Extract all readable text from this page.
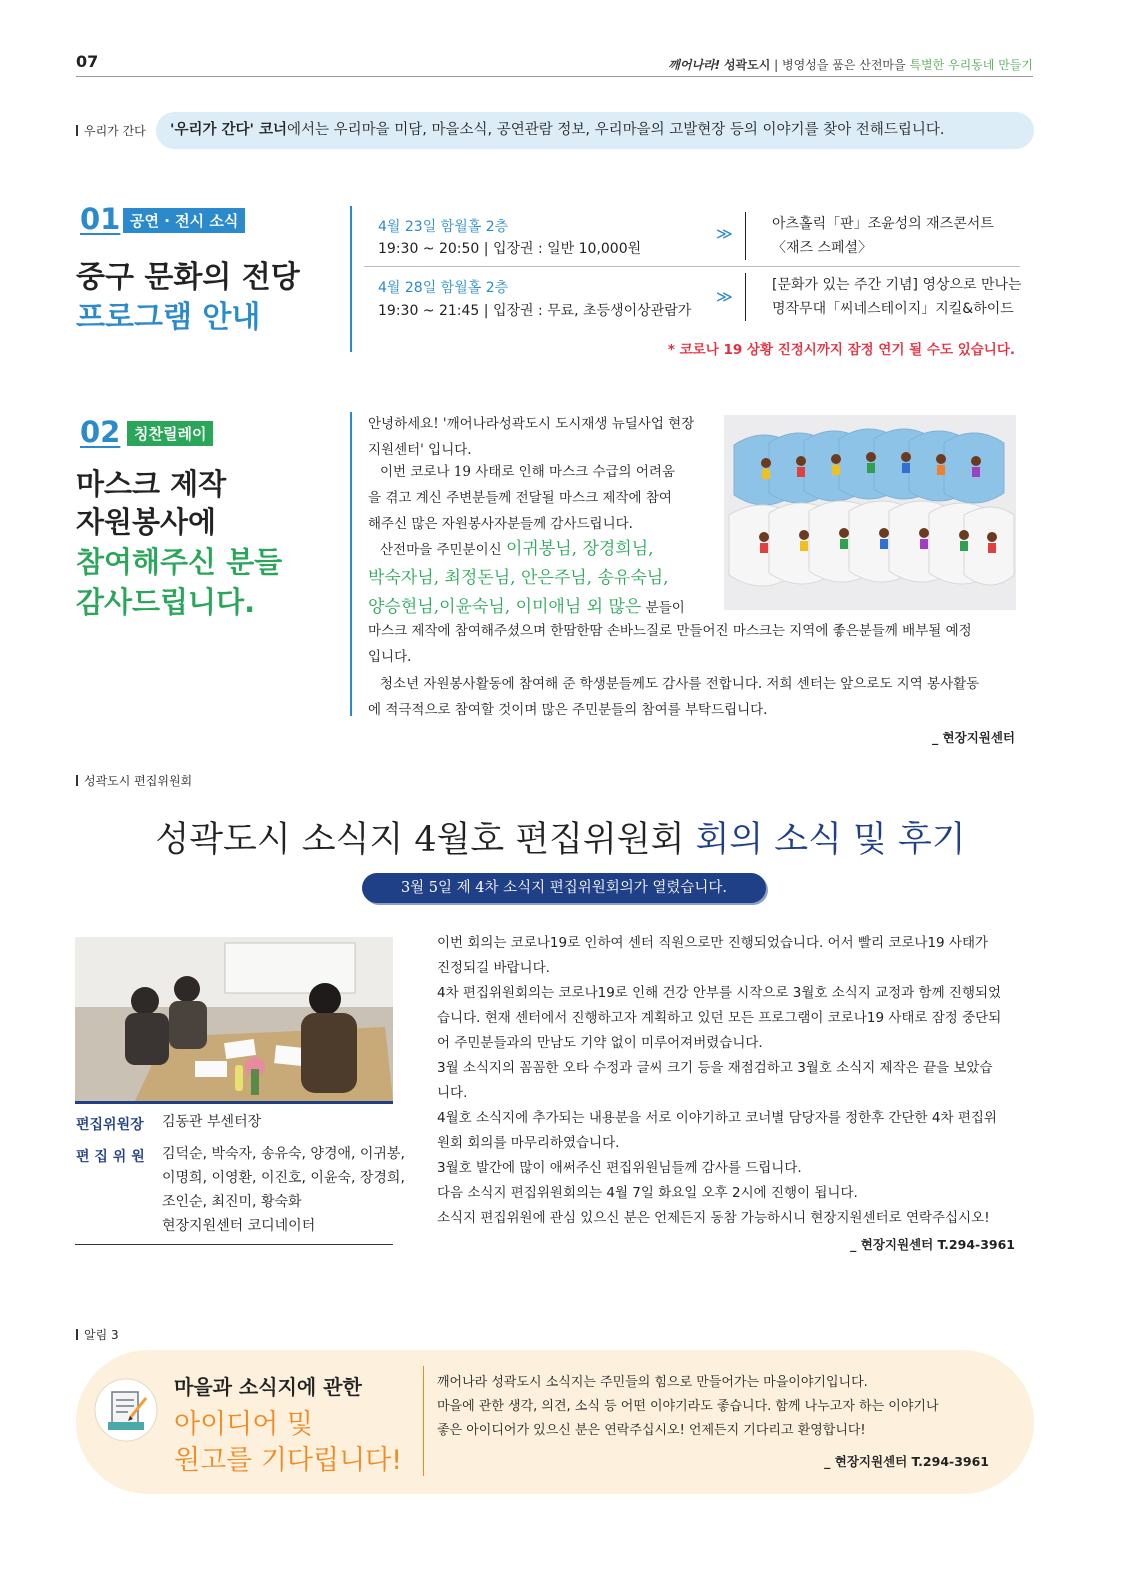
07	깨어나라! 성곽도시 | 병영성을 품은 산전마을 특별한 우리동네 만들기
우리가 간다	'우리가 간다' 코너에서는 우리마을 미담, 마을소식, 공연관람 정보, 우리마을의 고발현장 등의 이야기를 찾아 전해드립니다.
01 공연 · 전시 소식
중구 문화의 전당
프로그램 안내
4월 23일 함월홀 2층
19:30 ~ 20:50 | 입장권 : 일반 10,000원
≫	아츠홀릭「판」조윤성의 재즈콘서트
〈재즈 스페셜〉
4월 28일 함월홀 2층
19:30 ~ 21:45 | 입장권 : 무료, 초등생이상관람가
≫
[문화가 있는 주간 기념] 영상으로 만나는
명작무대「씨네스테이지」지킬&하이드
* 코로나 19 상황 진정시까지 잠정 연기 될 수도 있습니다.
02 칭찬릴레이
마스크 제작
자원봉사에
참여해주신 분들
감사드립니다.
안녕하세요! '깨어나라성곽도시 도시재생 뉴딜사업 현장
지원센터' 입니다.
이번 코로나 19 사태로 인해 마스크 수급의 어려움
을 겪고 계신 주변분들께 전달될 마스크 제작에 참여
해주신 많은 자원봉사자분들께 감사드립니다.
산전마을 주민분이신 이귀봉님, 장경희님,
박숙자님, 최정돈님, 안은주님, 송유숙님,
양승현님,이윤숙님, 이미애님 외 많은 분들이
마스크 제작에 참여해주셨으며 한땀한땀 손바느질로 만들어진 마스크는 지역에 좋은분들께 배부될 예정
입니다.
청소년 자원봉사활동에 참여해 준 학생분들께도 감사를 전합니다. 저희 센터는 앞으로도 지역 봉사활동
에 적극적으로 참여할 것이며 많은 주민분들의 참여를 부탁드립니다.
_ 현장지원센터
성곽도시 편집위원회
성곽도시 소식지 4월호 편집위원회 회의 소식 및 후기
3월 5일 제 4차 소식지 편집위원회의가 열렸습니다.
편집위원장 김동관 부센터장
편 집 위 원 김덕순, 박숙자, 송유숙, 양경애, 이귀봉,
이명희, 이영환, 이진호, 이윤숙, 장경희,
조인순, 최진미, 황숙화
현장지원센터 코디네이터
이번 회의는 코로나19로 인하여 센터 직원으로만 진행되었습니다. 어서 빨리 코로나19 사태가
진정되길 바랍니다.
4차 편집위원회의는 코로나19로 인해 건강 안부를 시작으로 3월호 소식지 교정과 함께 진행되었
습니다. 현재 센터에서 진행하고자 계획하고 있던 모든 프로그램이 코로나19 사태로 잠정 중단되
어 주민분들과의 만남도 기약 없이 미루어져버렸습니다.
3월 소식지의 꼼꼼한 오타 수정과 글씨 크기 등을 재점검하고 3월호 소식지 제작은 끝을 보았습
니다.
4월호 소식지에 추가되는 내용분을 서로 이야기하고 코너별 담당자를 정한후 간단한 4차 편집위
원회 회의를 마무리하였습니다.
3월호 발간에 많이 애써주신 편집위원님들께 감사를 드립니다.
다음 소식지 편집위원회의는 4월 7일 화요일 오후 2시에 진행이 됩니다.
소식지 편집위원에 관심 있으신 분은 언제든지 동참 가능하시니 현장지원센터로 연락주십시오!
_ 현장지원센터 T.294-3961
알림 3
마을과 소식지에 관한
아이디어 및
원고를 기다립니다!
깨어나라 성곽도시 소식지는 주민들의 힘으로 만들어가는 마을이야기입니다.
마을에 관한 생각, 의견, 소식 등 어떤 이야기라도 좋습니다. 함께 나누고자 하는 이야기나
좋은 아이디어가 있으신 분은 연락주십시오! 언제든지 기다리고 환영합니다!
_ 현장지원센터 T.294-3961
